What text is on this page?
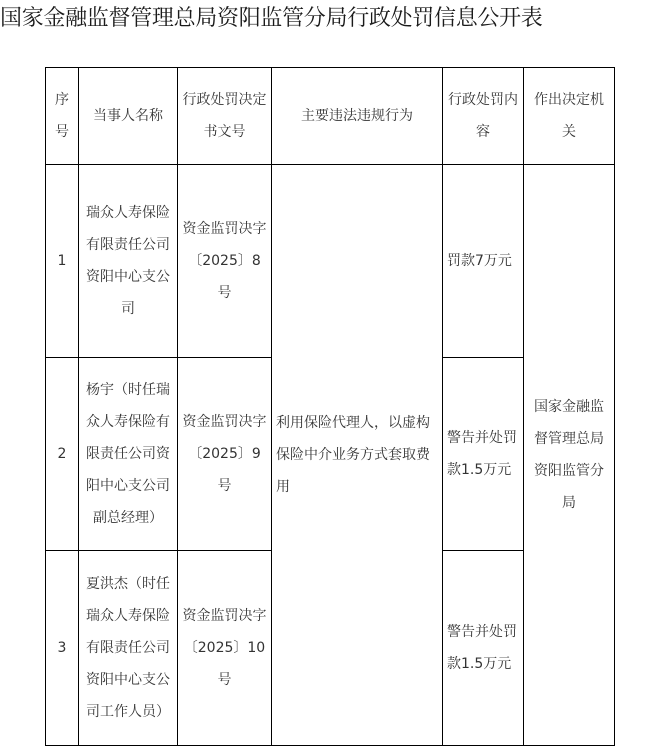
国家金融监督管理总局资阳监管分局行政处罚信息公开表
序号	当事人名称	行政处罚决定书文号	主要违法违规行为	行政处罚内容	作出决定机关
1	瑞众人寿保险有限责任公司资阳中心支公司	资金监罚决字〔2025〕8号	利用保险代理人，以虚构保险中介业务方式套取费用	罚款7万元	国家金融监督管理总局资阳监管分局
2	杨宇（时任瑞众人寿保险有限责任公司资阳中心支公司副总经理）	资金监罚决字〔2025〕9号		警告并处罚款1.5万元	
3	夏洪杰（时任瑞众人寿保险有限责任公司资阳中心支公司工作人员）	资金监罚决字〔2025〕10号		警告并处罚款1.5万元	
